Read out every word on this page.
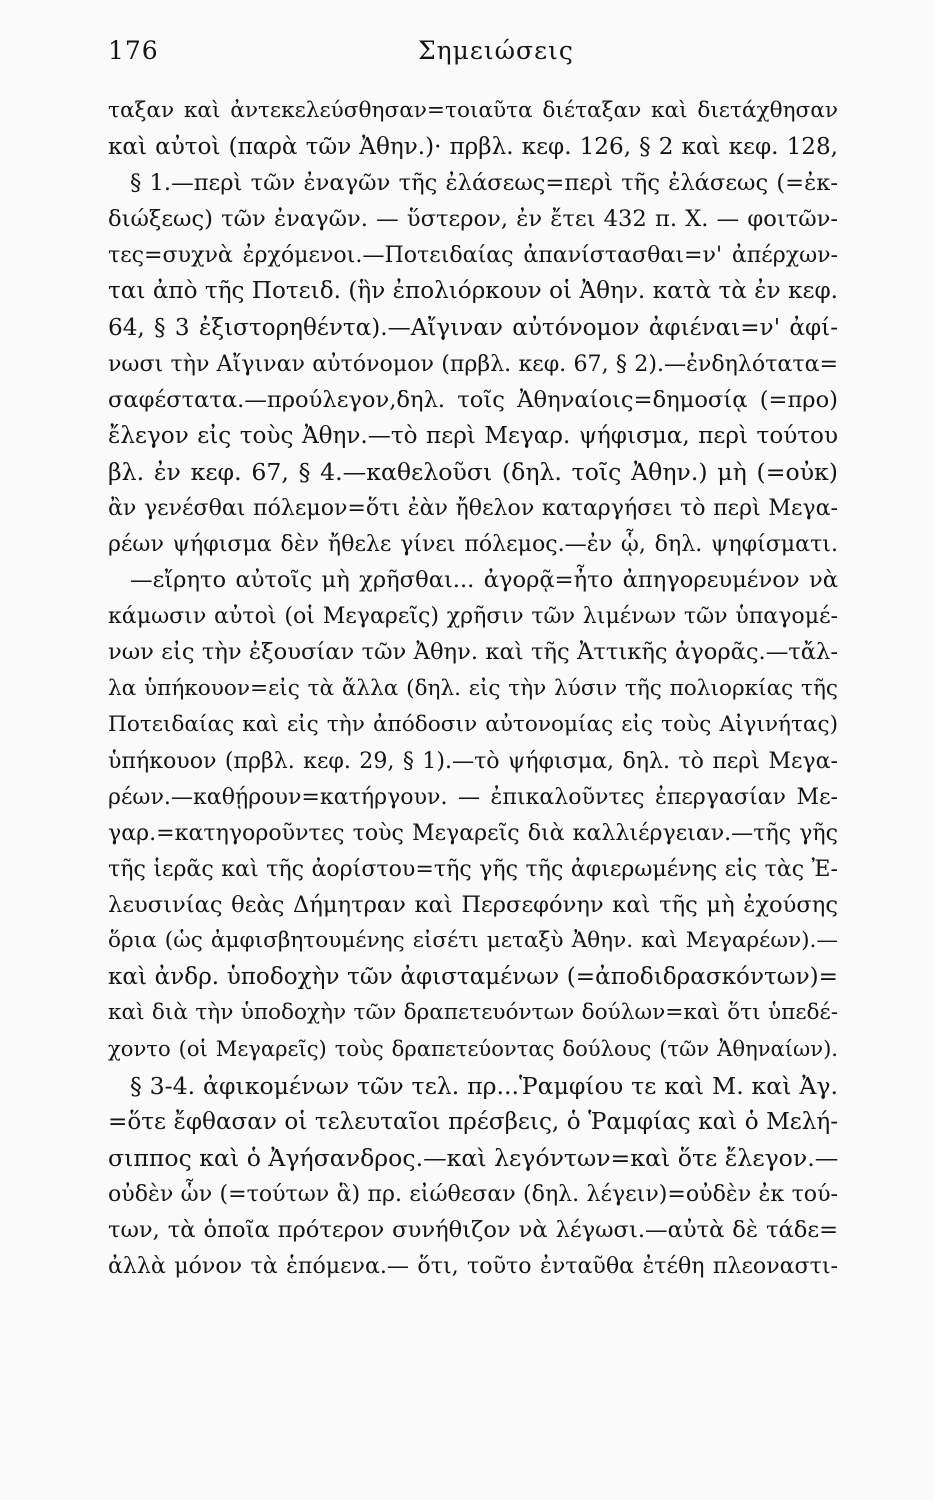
176	Σημειώσεις
ταξαν καὶ ἀντεκελεύσθησαν=τοιαῦτα διέταξαν καὶ διετάχθησαν
καὶ αὐτοὶ (παρὰ τῶν Ἀθην.)· πρβλ. κεφ. 126, § 2 καὶ κεφ. 128,
§ 1.—περὶ τῶν ἐναγῶν τῆς ἐλάσεως=περὶ τῆς ἐλάσεως (=ἐκ-
διώξεως) τῶν ἐναγῶν. — ὕστερον, ἐν ἔτει 432 π. Χ. — φοιτῶν-
τες=συχνὰ ἐρχόμενοι.—Ποτειδαίας ἀπανίστασθαι=ν' ἀπέρχων-
ται ἀπὸ τῆς Ποτειδ. (ἣν ἐπολιόρκουν οἱ Ἀθην. κατὰ τὰ ἐν κεφ.
64, § 3 ἐξιστορηθέντα).—Αἴγιναν αὐτόνομον ἀφιέναι=ν' ἀφί-
νωσι τὴν Αἴγιναν αὐτόνομον (πρβλ. κεφ. 67, § 2).—ἐνδηλότατα=
σαφέστατα.—προύλεγον,δηλ. τοῖς Ἀθηναίοις=δημοσίᾳ (=προ)
ἔλεγον εἰς τοὺς Ἀθην.—τὸ περὶ Μεγαρ. ψήφισμα, περὶ τούτου
βλ. ἐν κεφ. 67, § 4.—καθελοῦσι (δηλ. τοῖς Ἀθην.) μὴ (=οὐκ)
ἂν γενέσθαι πόλεμον=ὅτι ἐὰν ἤθελον καταργήσει τὸ περὶ Μεγα-
ρέων ψήφισμα δὲν ἤθελε γίνει πόλεμος.—ἐν ᾧ, δηλ. ψηφίσματι.
—εἴρητο αὐτοῖς μὴ χρῆσθαι... ἀγορᾷ=ἦτο ἀπηγορευμένον νὰ
κάμωσιν αὐτοὶ (οἱ Μεγαρεῖς) χρῆσιν τῶν λιμένων τῶν ὑπαγομέ-
νων εἰς τὴν ἐξουσίαν τῶν Ἀθην. καὶ τῆς Ἀττικῆς ἀγορᾶς.—τἄλ-
λα ὑπήκουον=εἰς τὰ ἄλλα (δηλ. εἰς τὴν λύσιν τῆς πολιορκίας τῆς
Ποτειδαίας καὶ εἰς τὴν ἀπόδοσιν αὐτονομίας εἰς τοὺς Αἰγινήτας)
ὑπήκουον (πρβλ. κεφ. 29, § 1).—τὸ ψήφισμα, δηλ. τὸ περὶ Μεγα-
ρέων.—καθῄρουν=κατήργουν. — ἐπικαλοῦντες ἐπεργασίαν Με-
γαρ.=κατηγοροῦντες τοὺς Μεγαρεῖς διὰ καλλιέργειαν.—τῆς γῆς
τῆς ἱερᾶς καὶ τῆς ἀορίστου=τῆς γῆς τῆς ἀφιερωμένης εἰς τὰς Ἐ-
λευσινίας θεὰς Δήμητραν καὶ Περσεφόνην καὶ τῆς μὴ ἐχούσης
ὅρια (ὡς ἀμφισβητουμένης εἰσέτι μεταξὺ Ἀθην. καὶ Μεγαρέων).—
καὶ ἀνδρ. ὑποδοχὴν τῶν ἀφισταμένων (=ἀποδιδρασκόντων)=
καὶ διὰ τὴν ὑποδοχὴν τῶν δραπετευόντων δούλων=καὶ ὅτι ὑπεδέ-
χοντο (οἱ Μεγαρεῖς) τοὺς δραπετεύοντας δούλους (τῶν Ἀθηναίων).
§ 3-4. ἀφικομένων τῶν τελ. πρ...Ῥαμφίου τε καὶ Μ. καὶ Ἀγ.
=ὅτε ἔφθασαν οἱ τελευταῖοι πρέσβεις, ὁ Ῥαμφίας καὶ ὁ Μελή-
σιππος καὶ ὁ Ἀγήσανδρος.—καὶ λεγόντων=καὶ ὅτε ἔλεγον.—
οὐδὲν ὧν (=τούτων ἃ) πρ. εἰώθεσαν (δηλ. λέγειν)=οὐδὲν ἐκ τού-
των, τὰ ὁποῖα πρότερον συνήθιζον νὰ λέγωσι.—αὐτὰ δὲ τάδε=
ἀλλὰ μόνον τὰ ἑπόμενα.— ὅτι, τοῦτο ἐνταῦθα ἐτέθη πλεοναστι-
